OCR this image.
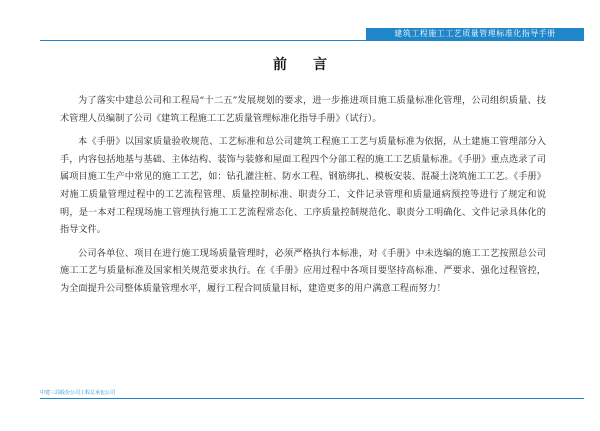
建筑工程施工工艺质量管理标准化指导手册
前言

为了落实中建总公司和工程局“十二五”发展规划的要求，进一步推进项目施工质量标准化管理，公司组织质量、技术管理人员编制了公司《建筑工程施工工艺质量管理标准化指导手册》（试行）。

本《手册》以国家质量验收规范、工艺标准和总公司建筑工程施工工艺与质量标准为依据，从土建施工管理部分入手，内容包括地基与基础、主体结构、装饰与装修和屋面工程四个分部工程的施工工艺质量标准。《手册》重点选录了司属项目施工生产中常见的施工工艺，如：钻孔灌注桩、防水工程、钢筋绑扎、模板安装、混凝土浇筑施工工艺。《手册》对施工质量管理过程中的工艺流程管理、质量控制标准、职责分工、文件记录管理和质量通病预控等进行了规定和说明，是一本对工程现场施工管理执行施工工艺流程常态化、工序质量控制规范化、职责分工明确化、文件记录具体化的指导文件。

公司各单位、项目在进行施工现场质量管理时，必须严格执行本标准，对《手册》中未选编的施工工艺按照总公司施工工艺与质量标准及国家相关规范要求执行。在《手册》应用过程中各项目要坚持高标准、严要求、强化过程管控，为全面提升公司整体质量管理水平，履行工程合同质量目标，建造更多的用户满意工程而努力！

中建三局股份公司工程总承包公司
